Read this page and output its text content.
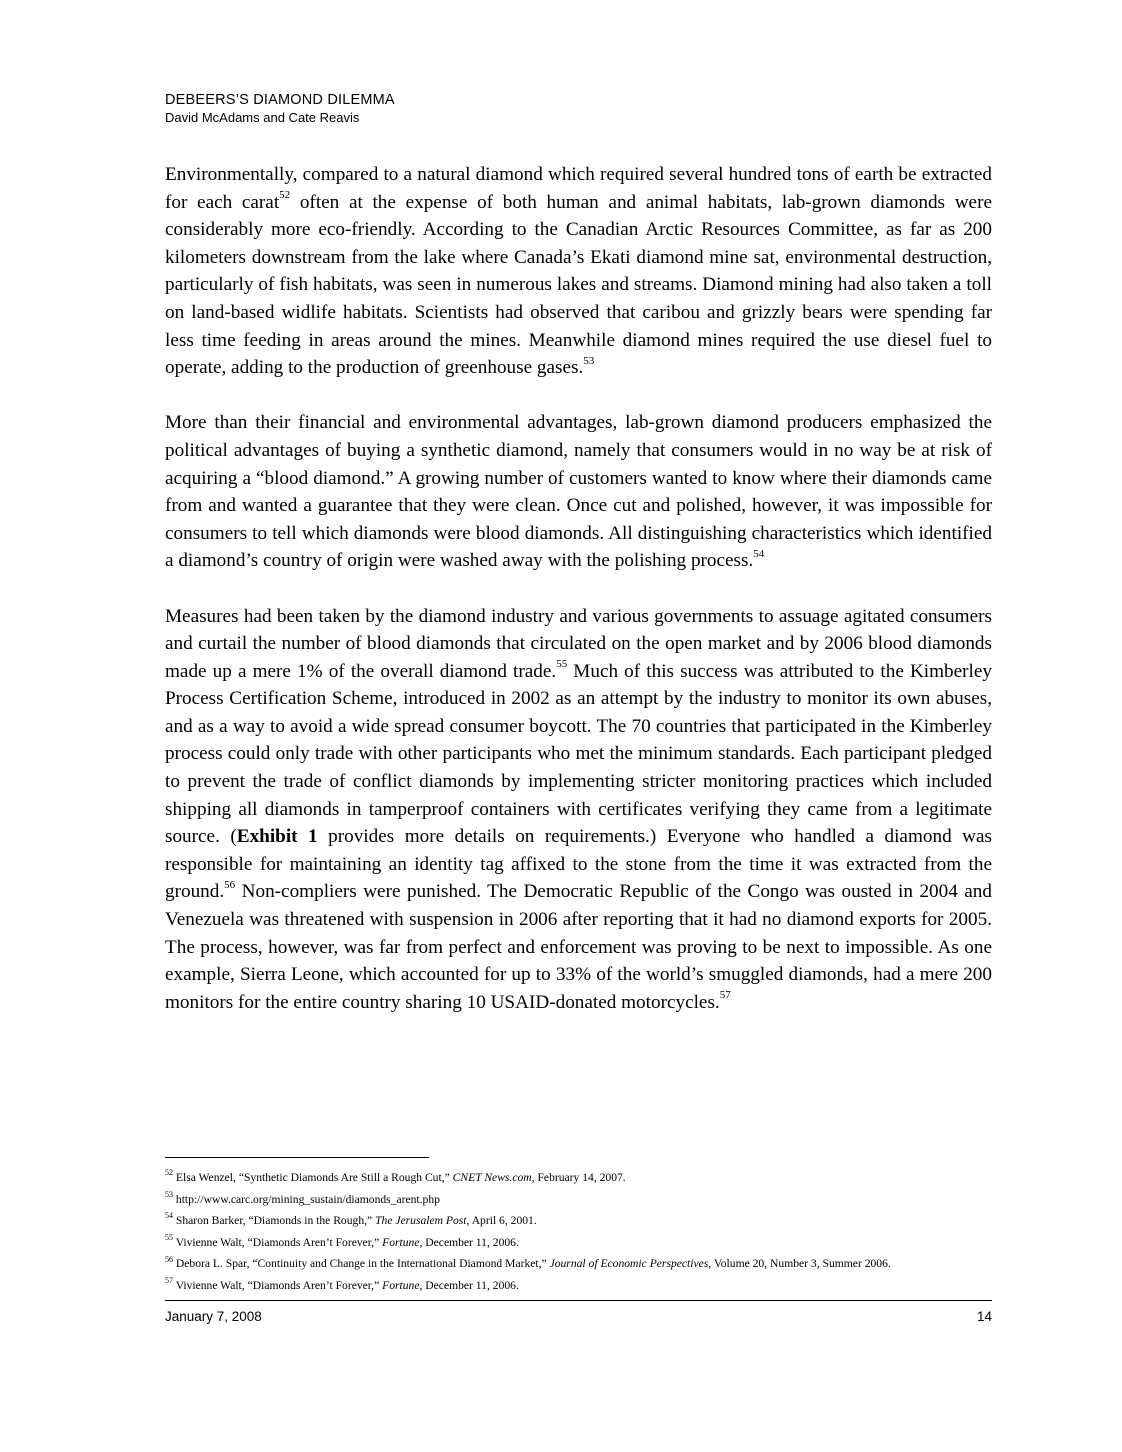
DEBEERS’S DIAMOND DILEMMA
David McAdams and Cate Reavis

Environmentally, compared to a natural diamond which required several hundred tons of earth be extracted for each carat$^{52}$ often at the expense of both human and animal habitats, lab-grown diamonds were considerably more eco-friendly. According to the Canadian Arctic Resources Committee, as far as 200 kilometers downstream from the lake where Canada’s Ekati diamond mine sat, environmental destruction, particularly of fish habitats, was seen in numerous lakes and streams. Diamond mining had also taken a toll on land-based widlife habitats. Scientists had observed that caribou and grizzly bears were spending far less time feeding in areas around the mines. Meanwhile diamond mines required the use diesel fuel to operate, adding to the production of greenhouse gases.$^{53}$

More than their financial and environmental advantages, lab-grown diamond producers emphasized the political advantages of buying a synthetic diamond, namely that consumers would in no way be at risk of acquiring a “blood diamond.” A growing number of customers wanted to know where their diamonds came from and wanted a guarantee that they were clean. Once cut and polished, however, it was impossible for consumers to tell which diamonds were blood diamonds. All distinguishing characteristics which identified a diamond’s country of origin were washed away with the polishing process.$^{54}$

Measures had been taken by the diamond industry and various governments to assuage agitated consumers and curtail the number of blood diamonds that circulated on the open market and by 2006 blood diamonds made up a mere 1% of the overall diamond trade.$^{55}$ Much of this success was attributed to the Kimberley Process Certification Scheme, introduced in 2002 as an attempt by the industry to monitor its own abuses, and as a way to avoid a wide spread consumer boycott. The 70 countries that participated in the Kimberley process could only trade with other participants who met the minimum standards. Each participant pledged to prevent the trade of conflict diamonds by implementing stricter monitoring practices which included shipping all diamonds in tamperproof containers with certificates verifying they came from a legitimate source. (Exhibit 1 provides more details on requirements.) Everyone who handled a diamond was responsible for maintaining an identity tag affixed to the stone from the time it was extracted from the ground.$^{56}$ Non-compliers were punished. The Democratic Republic of the Congo was ousted in 2004 and Venezuela was threatened with suspension in 2006 after reporting that it had no diamond exports for 2005. The process, however, was far from perfect and enforcement was proving to be next to impossible. As one example, Sierra Leone, which accounted for up to 33% of the world’s smuggled diamonds, had a mere 200 monitors for the entire country sharing 10 USAID-donated motorcycles.$^{57}$

$^{52}$ Elsa Wenzel, “Synthetic Diamonds Are Still a Rough Cut,” CNET News.com, February 14, 2007.

$^{53}$ http://www.carc.org/mining_sustain/diamonds_arent.php

$^{54}$ Sharon Barker, “Diamonds in the Rough,” The Jerusalem Post, April 6, 2001.

$^{55}$ Vivienne Walt, “Diamonds Aren’t Forever,” Fortune, December 11, 2006.

$^{56}$ Debora L. Spar, “Continuity and Change in the International Diamond Market,” Journal of Economic Perspectives, Volume 20, Number 3, Summer 2006.

$^{57}$ Vivienne Walt, “Diamonds Aren’t Forever,” Fortune, December 11, 2006.

January 7, 2008	14
